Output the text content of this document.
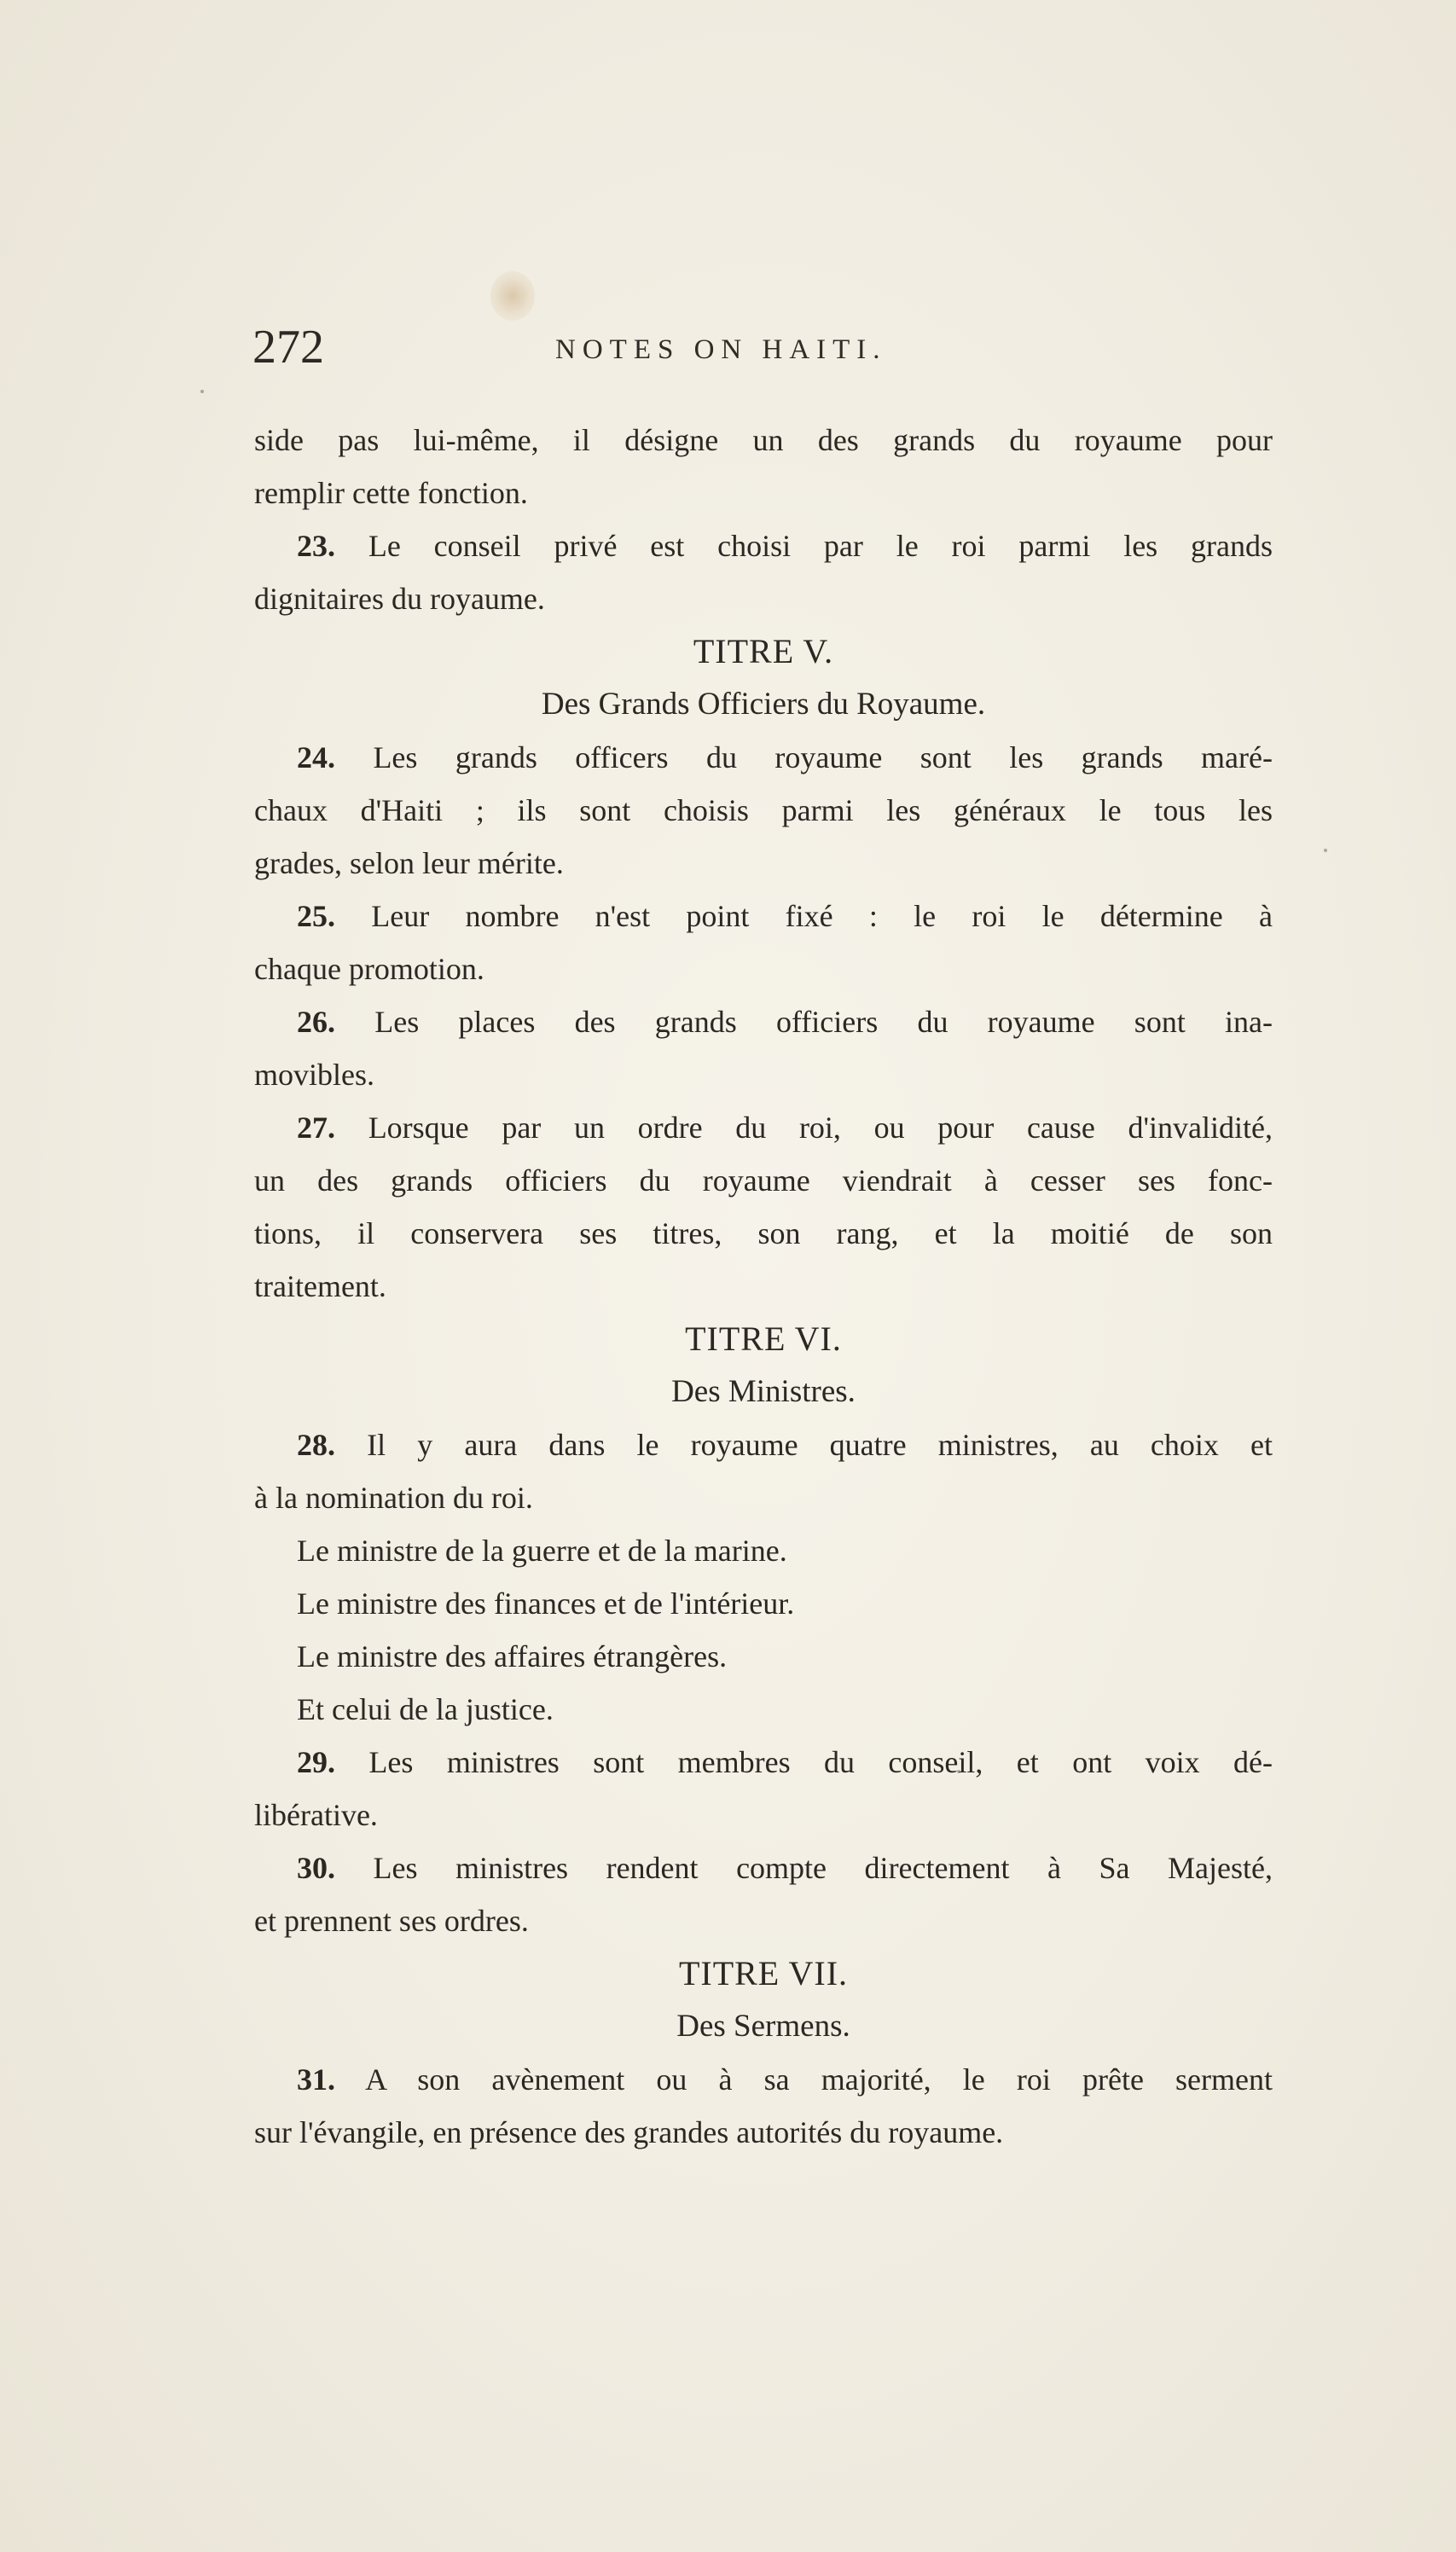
272	NOTES ON HAITI.
side pas lui-même, il désigne un des grands du royaume pour
remplir cette fonction.
23. Le conseil privé est choisi par le roi parmi les grands
dignitaires du royaume.
TITRE V.
Des Grands Officiers du Royaume.
24. Les grands officers du royaume sont les grands maré-
chaux d'Haiti ; ils sont choisis parmi les généraux le tous les
grades, selon leur mérite.
25. Leur nombre n'est point fixé : le roi le détermine à
chaque promotion.
26. Les places des grands officiers du royaume sont ina-
movibles.
27. Lorsque par un ordre du roi, ou pour cause d'invalidité,
un des grands officiers du royaume viendrait à cesser ses fonc-
tions, il conservera ses titres, son rang, et la moitié de son
traitement.
TITRE VI.
Des Ministres.
28. Il y aura dans le royaume quatre ministres, au choix et
à la nomination du roi.
Le ministre de la guerre et de la marine.
Le ministre des finances et de l'intérieur.
Le ministre des affaires étrangères.
Et celui de la justice.
29. Les ministres sont membres du conseil, et ont voix dé-
libérative.
30. Les ministres rendent compte directement à Sa Majesté,
et prennent ses ordres.
TITRE VII.
Des Sermens.
31. A son avènement ou à sa majorité, le roi prête serment
sur l'évangile, en présence des grandes autorités du royaume.
